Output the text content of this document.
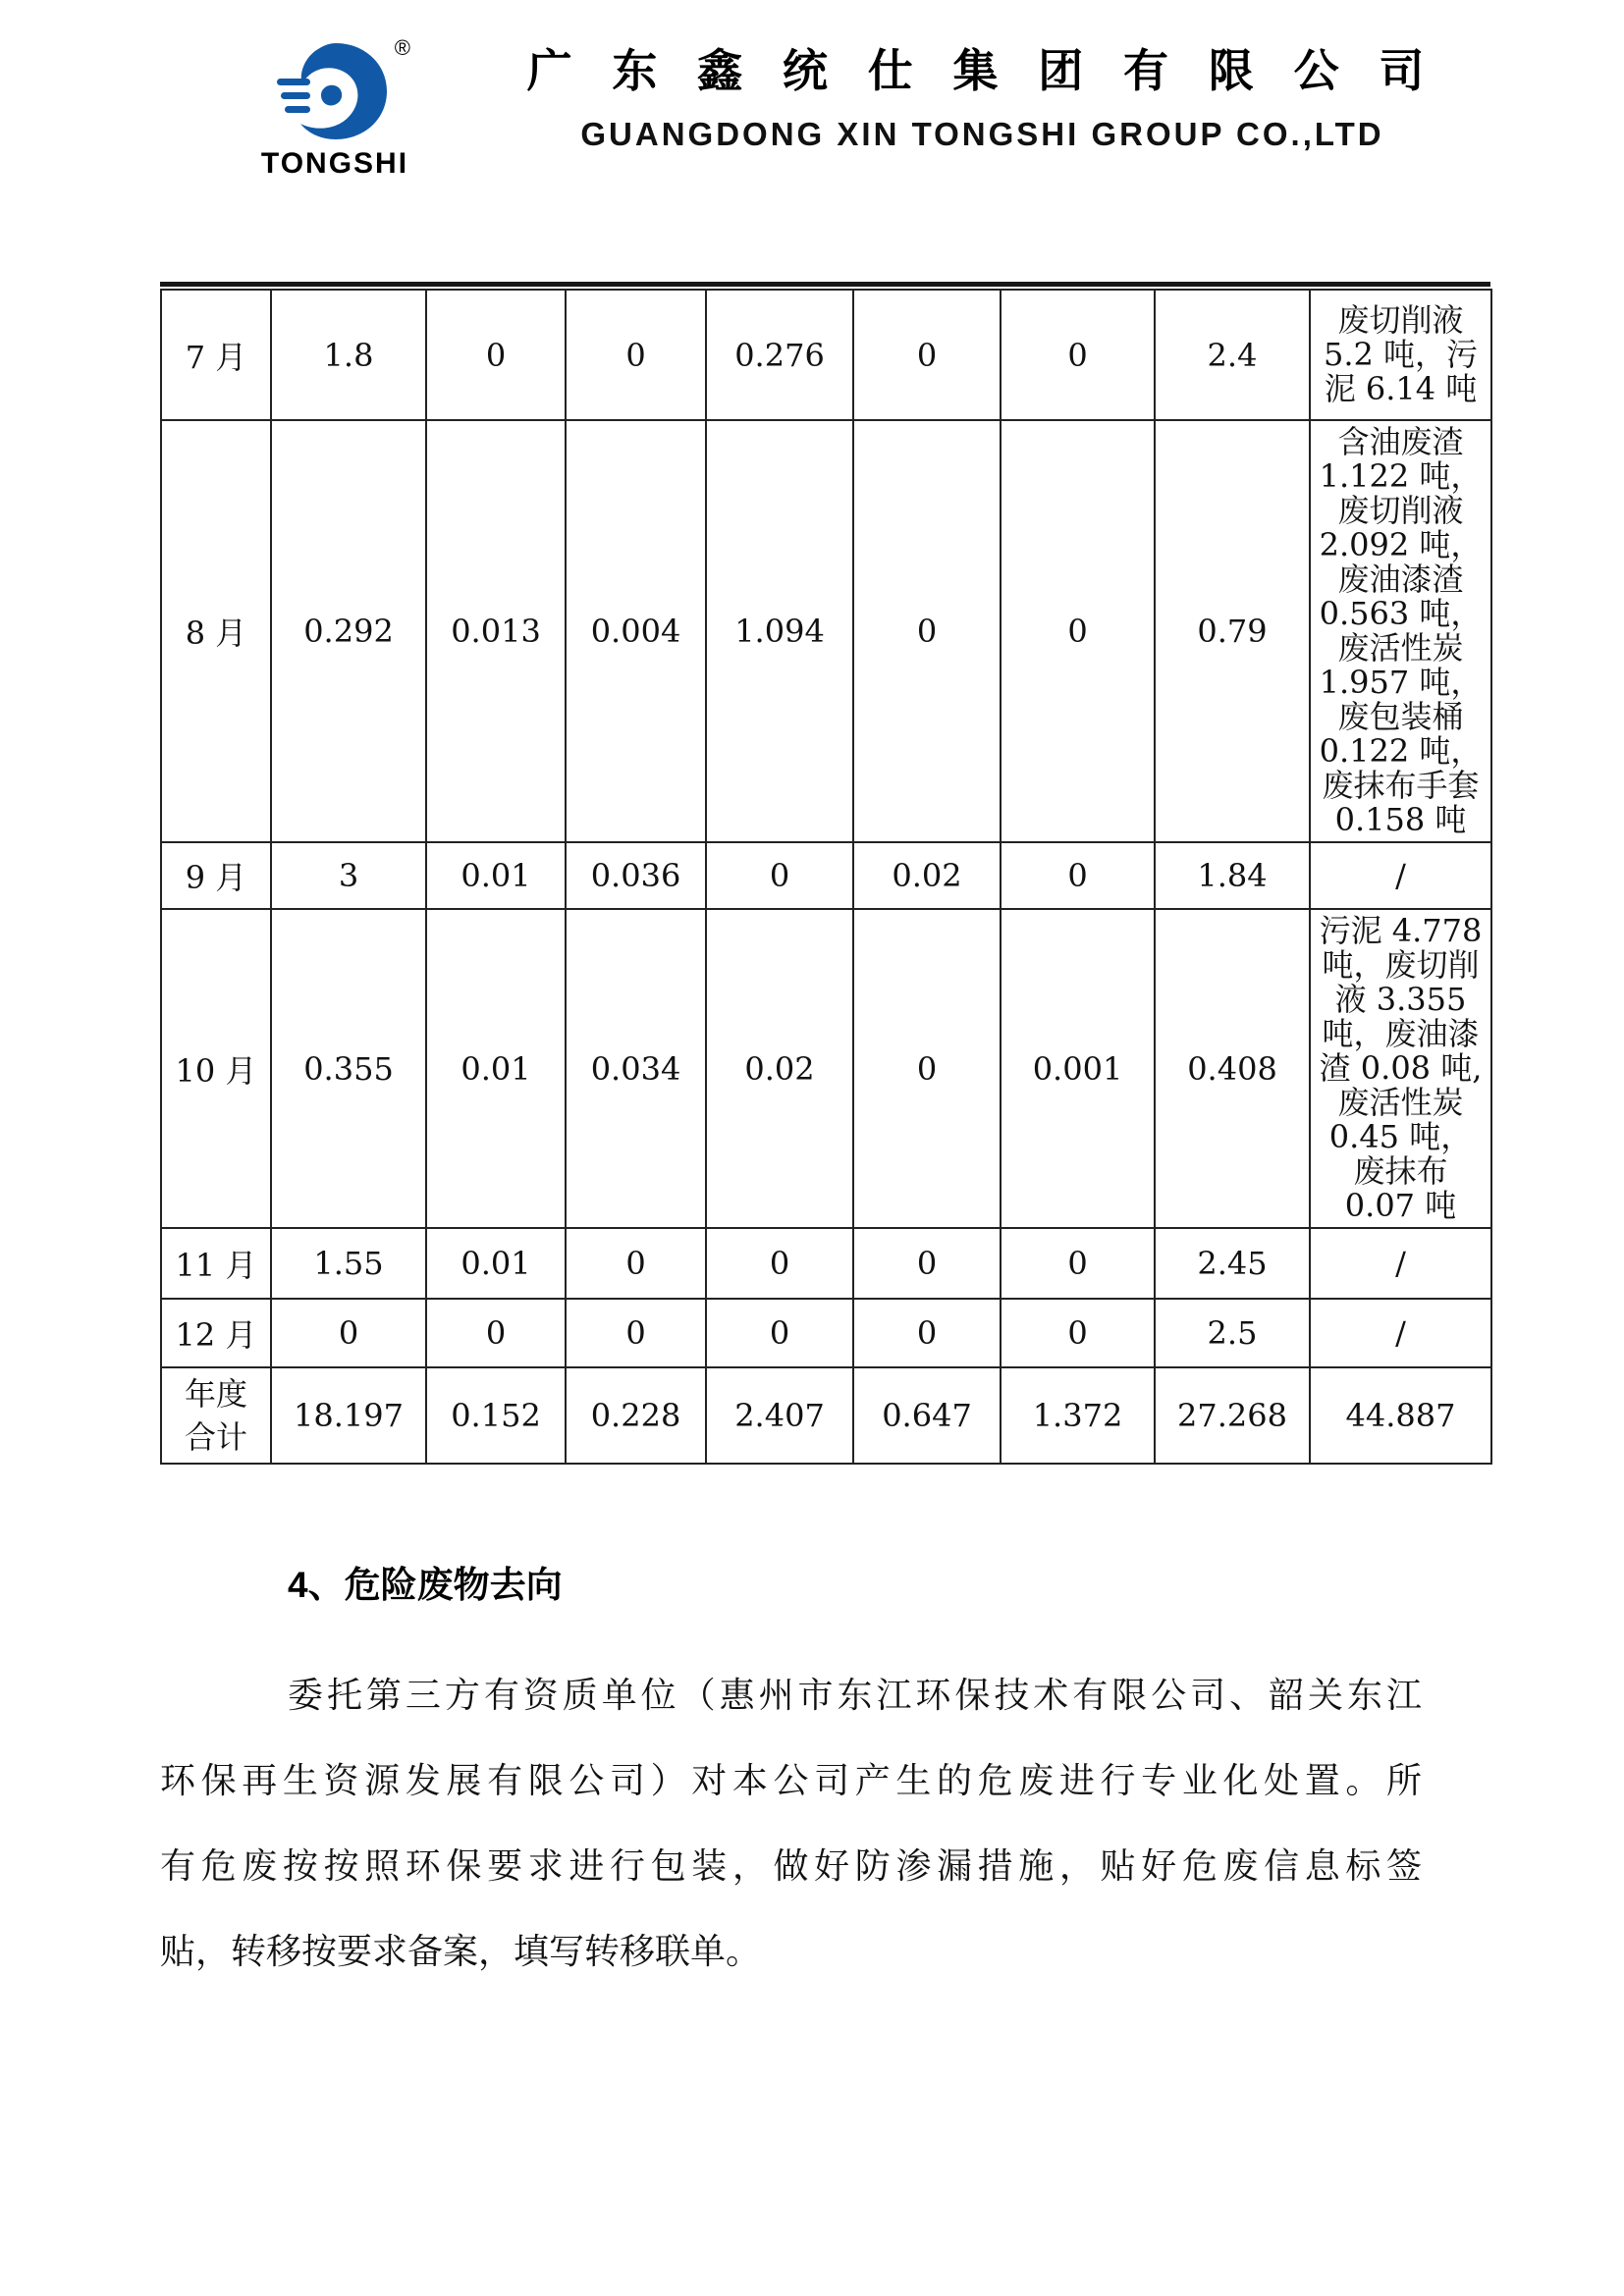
®
TONGSHI
广 东 鑫 统 仕 集 团 有 限 公 司
GUANGDONG XIN TONGSHI GROUP CO.,LTD
7 月	1.8	0	0	0.276	0	0	2.4	废切削液 5.2 吨，污泥 6.14 吨
8 月	0.292	0.013	0.004	1.094	0	0	0.79	含油废渣 1.122 吨，废切削液 2.092 吨，废油漆渣 0.563 吨，废活性炭 1.957 吨，废包装桶 0.122 吨，废抹布手套 0.158 吨
9 月	3	0.01	0.036	0	0.02	0	1.84	/
10 月	0.355	0.01	0.034	0.02	0	0.001	0.408	污泥 4.778 吨，废切削液 3.355 吨，废油漆渣 0.08 吨,废活性炭 0.45 吨，废抹布 0.07 吨
11 月	1.55	0.01	0	0	0	0	2.45	/
12 月	0	0	0	0	0	0	2.5	/
年度合计	18.197	0.152	0.228	2.407	0.647	1.372	27.268	44.887
4、危险废物去向
委托第三方有资质单位（惠州市东江环保技术有限公司、韶关东江
环保再生资源发展有限公司）对本公司产生的危废进行专业化处置。所
有危废按按照环保要求进行包装，做好防渗漏措施，贴好危废信息标签
贴，转移按要求备案，填写转移联单。
